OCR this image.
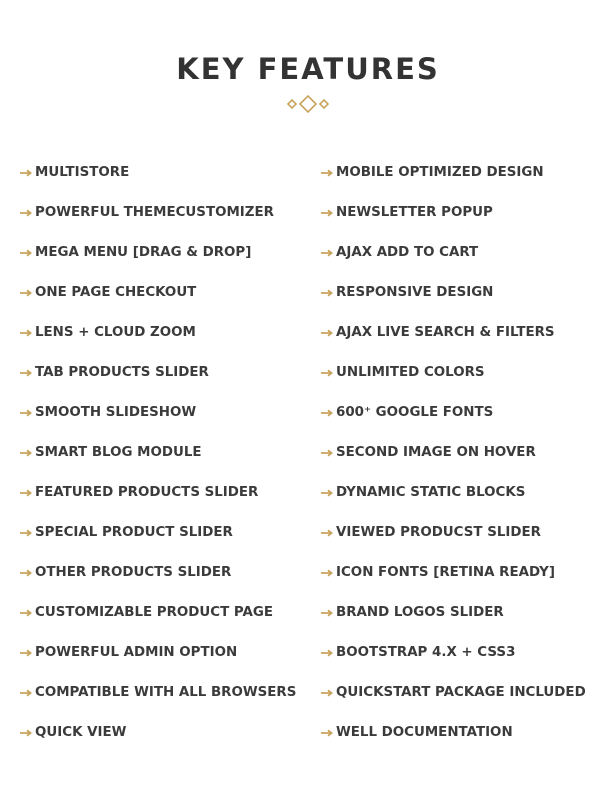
KEY FEATURES
MULTISTORE
POWERFUL THEMECUSTOMIZER
MEGA MENU [DRAG & DROP]
ONE PAGE CHECKOUT
LENS + CLOUD ZOOM
TAB PRODUCTS SLIDER
SMOOTH SLIDESHOW
SMART BLOG MODULE
FEATURED PRODUCTS SLIDER
SPECIAL PRODUCT SLIDER
OTHER PRODUCTS SLIDER
CUSTOMIZABLE PRODUCT PAGE
POWERFUL ADMIN OPTION
COMPATIBLE WITH ALL BROWSERS
QUICK VIEW
MOBILE OPTIMIZED DESIGN
NEWSLETTER POPUP
AJAX ADD TO CART
RESPONSIVE DESIGN
AJAX LIVE SEARCH & FILTERS
UNLIMITED COLORS
600⁺ GOOGLE FONTS
SECOND IMAGE ON HOVER
DYNAMIC STATIC BLOCKS
VIEWED PRODUCST SLIDER
ICON FONTS [RETINA READY]
BRAND LOGOS SLIDER
BOOTSTRAP 4.X + CSS3
QUICKSTART PACKAGE INCLUDED
WELL DOCUMENTATION
